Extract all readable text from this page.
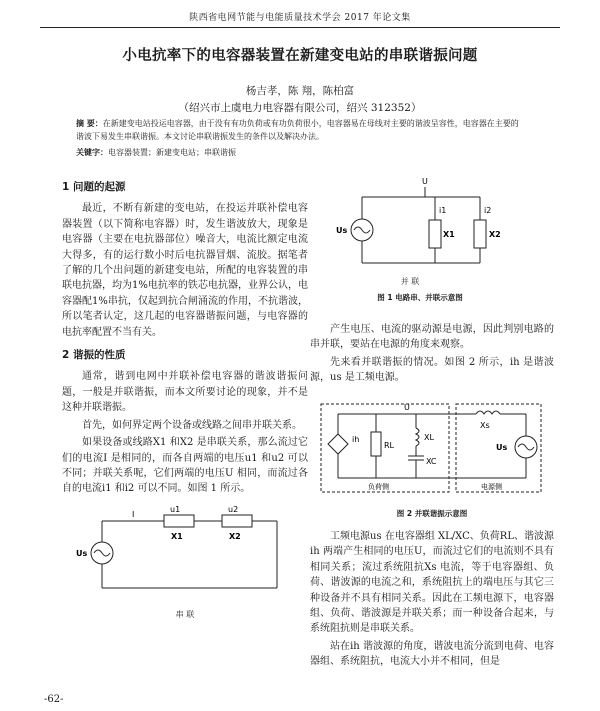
陕西省电网节能与电能质量技术学会 2017 年论文集
小电抗率下的电容器装置在新建变电站的串联谐振问题
杨吉孝，陈 翔，陈柏富
（绍兴市上虞电力电容器有限公司，绍兴 312352）
摘 要：在新建变电站投运电容器，由于没有有功负荷或有功负荷很小，电容器易在母线对主要的谐波呈容性，电容器在主要的谐波下易发生串联谐振。本文讨论串联谐振发生的条件以及解决办法。
关键字：电容器装置；新建变电站；串联谐振
1 问题的起源

最近，不断有新建的变电站，在投运并联补偿电容器装置（以下简称电容器）时，发生谐波放大，现象是电容器（主要在电抗器部位）噪音大，电流比额定电流大得多，有的运行数小时后电抗器冒烟、流胶。据笔者了解的几个出问题的新建变电站，所配的电容装置的串联电抗器，均为1%电抗率的铁芯电抗器，业界公认，电容器配1%串抗，仅起到抗合闸涌流的作用，不抗谐波，所以笔者认定，这几起的电容器谐振问题，与电容器的电抗率配置不当有关。

2 谐振的性质

通常，谐到电网中并联补偿电容器的谐波谐振问题，一般是并联谐振，而本文所要讨论的现象，并不是这种并联谐振。

首先，如何界定两个设备或线路之间串并联关系。

如果设备或线路X1 和X2 是串联关系，那么流过它们的电流I 是相同的，而各自两端的电压u1 和u2 可以不同；并联关系呢，它们两端的电压U 相同，而流过各自的电流i1 和i2 可以不同。如图 1 所示。

I
u1	u2
X1	X2
Us
串 联
U
i1	i2
X1	X2
Us
并 联
图 1 电路串、并联示意图

产生电压、电流的驱动源是电源，因此判别电路的串并联，要站在电源的角度来观察。

先来看并联谐振的情况。如图 2 所示，ih 是谐波源，us 是工频电源。

U
ih
RL
XL
XC
Xs
Us
负荷侧	电源侧
图 2 并联谐振示意图

工频电源us 在电容器组 XL/XC、负荷RL、谐波源ih 两端产生相同的电压U，而流过它们的电流则不具有相同关系；流过系统阻抗Xs 电流，等于电容器组、负荷、谐波源的电流之和，系统阻抗上的端电压与其它三种设备并不具有相同关系。因此在工频电源下，电容器组、负荷、谐波源是并联关系；而一种设备合起来，与系统阻抗则是串联关系。

站在ih 谐波源的角度，谐波电流分流到电荷、电容器组、系统阻抗，电流大小并不相同，但是

-62-
